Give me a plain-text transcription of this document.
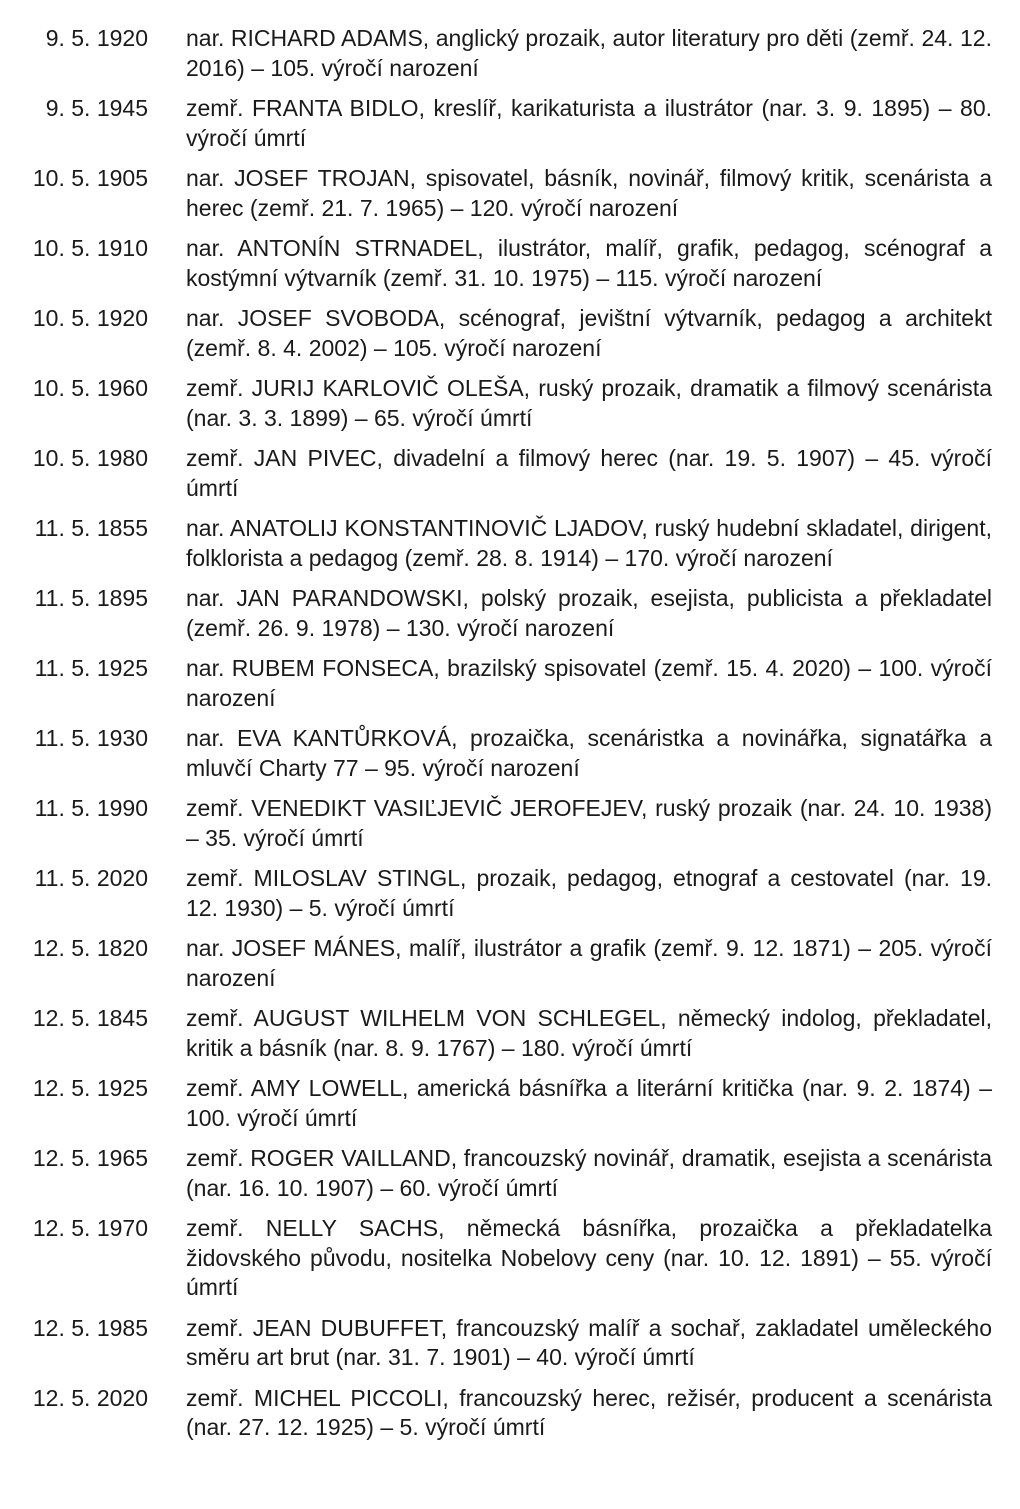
9. 5. 1920 nar. RICHARD ADAMS, anglický prozaik, autor literatury pro děti (zemř. 24. 12. 2016) – 105. výročí narození
9. 5. 1945 zemř. FRANTA BIDLO, kreslíř, karikaturista a ilustrátor (nar. 3. 9. 1895) – 80. výročí úmrtí
10. 5. 1905 nar. JOSEF TROJAN, spisovatel, básník, novinář, filmový kritik, scenárista a herec (zemř. 21. 7. 1965) – 120. výročí narození
10. 5. 1910 nar. ANTONÍN STRNADEL, ilustrátor, malíř, grafik, pedagog, scénograf a kostýmní výtvarník (zemř. 31. 10. 1975) – 115. výročí narození
10. 5. 1920 nar. JOSEF SVOBODA, scénograf, jevištní výtvarník, pedagog a architekt (zemř. 8. 4. 2002) – 105. výročí narození
10. 5. 1960 zemř. JURIJ KARLOVIČ OLEŠA, ruský prozaik, dramatik a filmový scenárista (nar. 3. 3. 1899) – 65. výročí úmrtí
10. 5. 1980 zemř. JAN PIVEC, divadelní a filmový herec (nar. 19. 5. 1907) – 45. výročí úmrtí
11. 5. 1855 nar. ANATOLIJ KONSTANTINOVIČ LJADOV, ruský hudební skladatel, dirigent, folklorista a pedagog (zemř. 28. 8. 1914) – 170. výročí narození
11. 5. 1895 nar. JAN PARANDOWSKI, polský prozaik, esejista, publicista a překladatel (zemř. 26. 9. 1978) – 130. výročí narození
11. 5. 1925 nar. RUBEM FONSECA, brazilský spisovatel (zemř. 15. 4. 2020) – 100. výročí narození
11. 5. 1930 nar. EVA KANTŮRKOVÁ, prozaička, scenáristka a novinářka, signatářka a mluvčí Charty 77 – 95. výročí narození
11. 5. 1990 zemř. VENEDIKT VASIĽJEVIČ JEROFEJEV, ruský prozaik (nar. 24. 10. 1938) – 35. výročí úmrtí
11. 5. 2020 zemř. MILOSLAV STINGL, prozaik, pedagog, etnograf a cestovatel (nar. 19. 12. 1930) – 5. výročí úmrtí
12. 5. 1820 nar. JOSEF MÁNES, malíř, ilustrátor a grafik (zemř. 9. 12. 1871) – 205. výročí narození
12. 5. 1845 zemř. AUGUST WILHELM VON SCHLEGEL, německý indolog, překladatel, kritik a básník (nar. 8. 9. 1767) – 180. výročí úmrtí
12. 5. 1925 zemř. AMY LOWELL, americká básnířka a literární kritička (nar. 9. 2. 1874) – 100. výročí úmrtí
12. 5. 1965 zemř. ROGER VAILLAND, francouzský novinář, dramatik, esejista a scenárista (nar. 16. 10. 1907) – 60. výročí úmrtí
12. 5. 1970 zemř. NELLY SACHS, německá básnířka, prozaička a překladatelka židovského původu, nositelka Nobelovy ceny (nar. 10. 12. 1891) – 55. výročí úmrtí
12. 5. 1985 zemř. JEAN DUBUFFET, francouzský malíř a sochař, zakladatel uměleckého směru art brut (nar. 31. 7. 1901) – 40. výročí úmrtí
12. 5. 2020 zemř. MICHEL PICCOLI, francouzský herec, režisér, producent a scenárista (nar. 27. 12. 1925) – 5. výročí úmrtí
